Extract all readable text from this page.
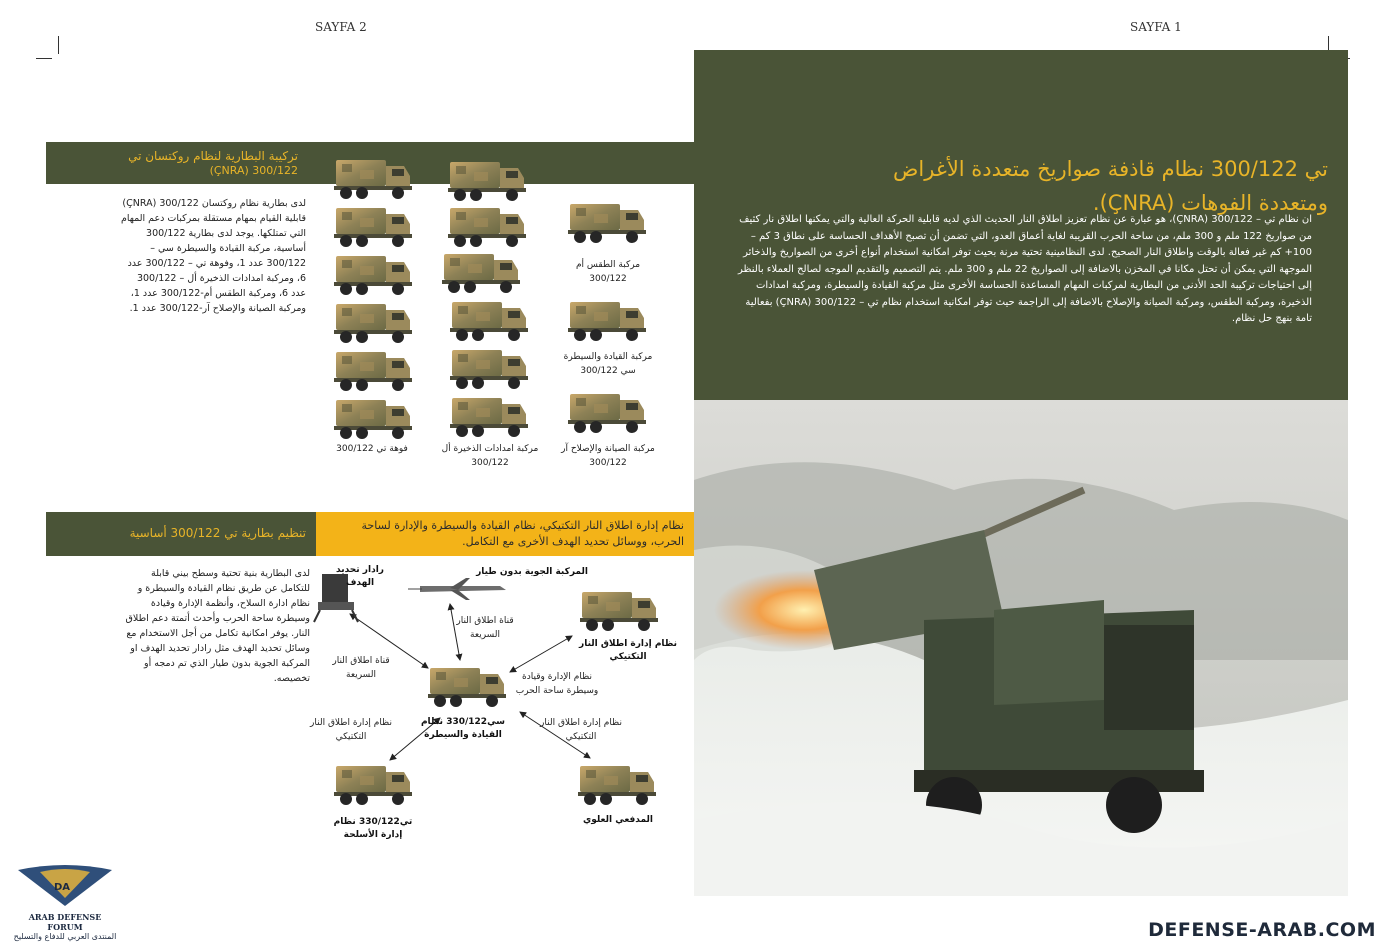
SAYFA 2
تركيبة البطارية لنظام روكتسان تي
300/122 (ÇNRA)
لدى بطارية نظام روكتسان 300/122 (ÇNRA) قابلية القيام بمهام مستقلة بمركبات دعم المهام التي تمتلكها. يوجد لدى بطارية 300/122 أساسية، مركبة القيادة والسيطرة سي – 300/122 عدد 1، وفوهة تي – 300/122 عدد 6، ومركبة امدادات الذخيرة أل – 300/122 عدد 6، ومركبة الطقس أم-300/122 عدد 1، ومركبة الصيانة والإصلاح آر-300/122 عدد 1.
فوهة تي 300/122	مركبة امدادات الذخيرة أل 300/122
مركبة الطقس أم 300/122
مركبة القيادة والسيطرة سي 300/122
مركبة الصيانة والإصلاح آر 300/122
تنظيم بطارية تي 300/122 أساسية
نظام إدارة اطلاق النار التكتيكي، نظام القيادة والسيطرة والإدارة لساحة الحرب، ووسائل تحديد الهدف الأخرى مع التكامل.
لدى البطارية بنية تحتية وسطح بيني قابلة للتكامل عن طريق نظام القيادة والسيطرة و نظام ادارة السلاح، وأنظمة الإدارة وقيادة وسيطرة ساحة الحرب وأحدث أتمتة دعم اطلاق النار. يوفر امكانية تكامل من أجل الاستخدام مع وسائل تحديد الهدف مثل رادار تحديد الهدف او المركبة الجوية بدون طيار الذي تم دمجه أو تخصيصه.
رادار تحديد الهدف
المركبة الجوية بدون طيار
نظام إدارة اطلاق النار التكتيكي
سي330/122 نظام القيادة والسيطرة
تي330/122 نظام إدارة الأسلحة
المدفعي العلوي
قناة اطلاق النار السريعة
قناة اطلاق النار السريعة
نظام الإدارة وقيادة وسيطرة ساحة الحرب
نظام إدارة اطلاق النار التكتيكي
نظام إدارة اطلاق النار التكتيكي
SAYFA 1
تي 300/122 نظام قاذفة صواريخ متعددة الأغراض
ومتعددة الفوهات (ÇNRA).
ان نظام تي – 300/122 (ÇNRA)، هو عبارة عن نظام تعزيز اطلاق النار الحديث الذي لديه قابلية الحركة العالية والتي يمكنها اطلاق نار كثيف من صواريخ 122 ملم و 300 ملم، من ساحة الحرب القريبة لغاية أعماق العدو، التي تضمن أن تصبح الأهداف الحساسة على نطاق 3 كم – 100+ كم غير فعالة بالوقت واطلاق النار الصحيح. لدى النظامينية تحتية مرنة بحيث توفر امكانية استخدام أنواع أخرى من الصواريخ والذخائر الموجهة التي يمكن أن تحتل مكانا في المخزن بالاضافة إلى الصواريخ 22 ملم و 300 ملم. يتم التصميم والتقديم الموجه لصالح العملاء بالنظر إلى احتياجات تركيبة الحد الأدنى من البطارية لمركبات المهام المساعدة الحساسة الأخرى مثل مركبة القيادة والسيطرة، ومركبة امدادات الذخيرة، ومركبة الطقس، ومركبة الصيانة والإصلاح بالاضافة إلى الراجمة حيث توفر امكانية استخدام نظام تي – 300/122 (ÇNRA) بفعالية تامة بنهج حل نظام.
DA
ARAB DEFENSE FORUM
المنتدى العربي للدفاع والتسليح	DEFENSE-ARAB.COM
